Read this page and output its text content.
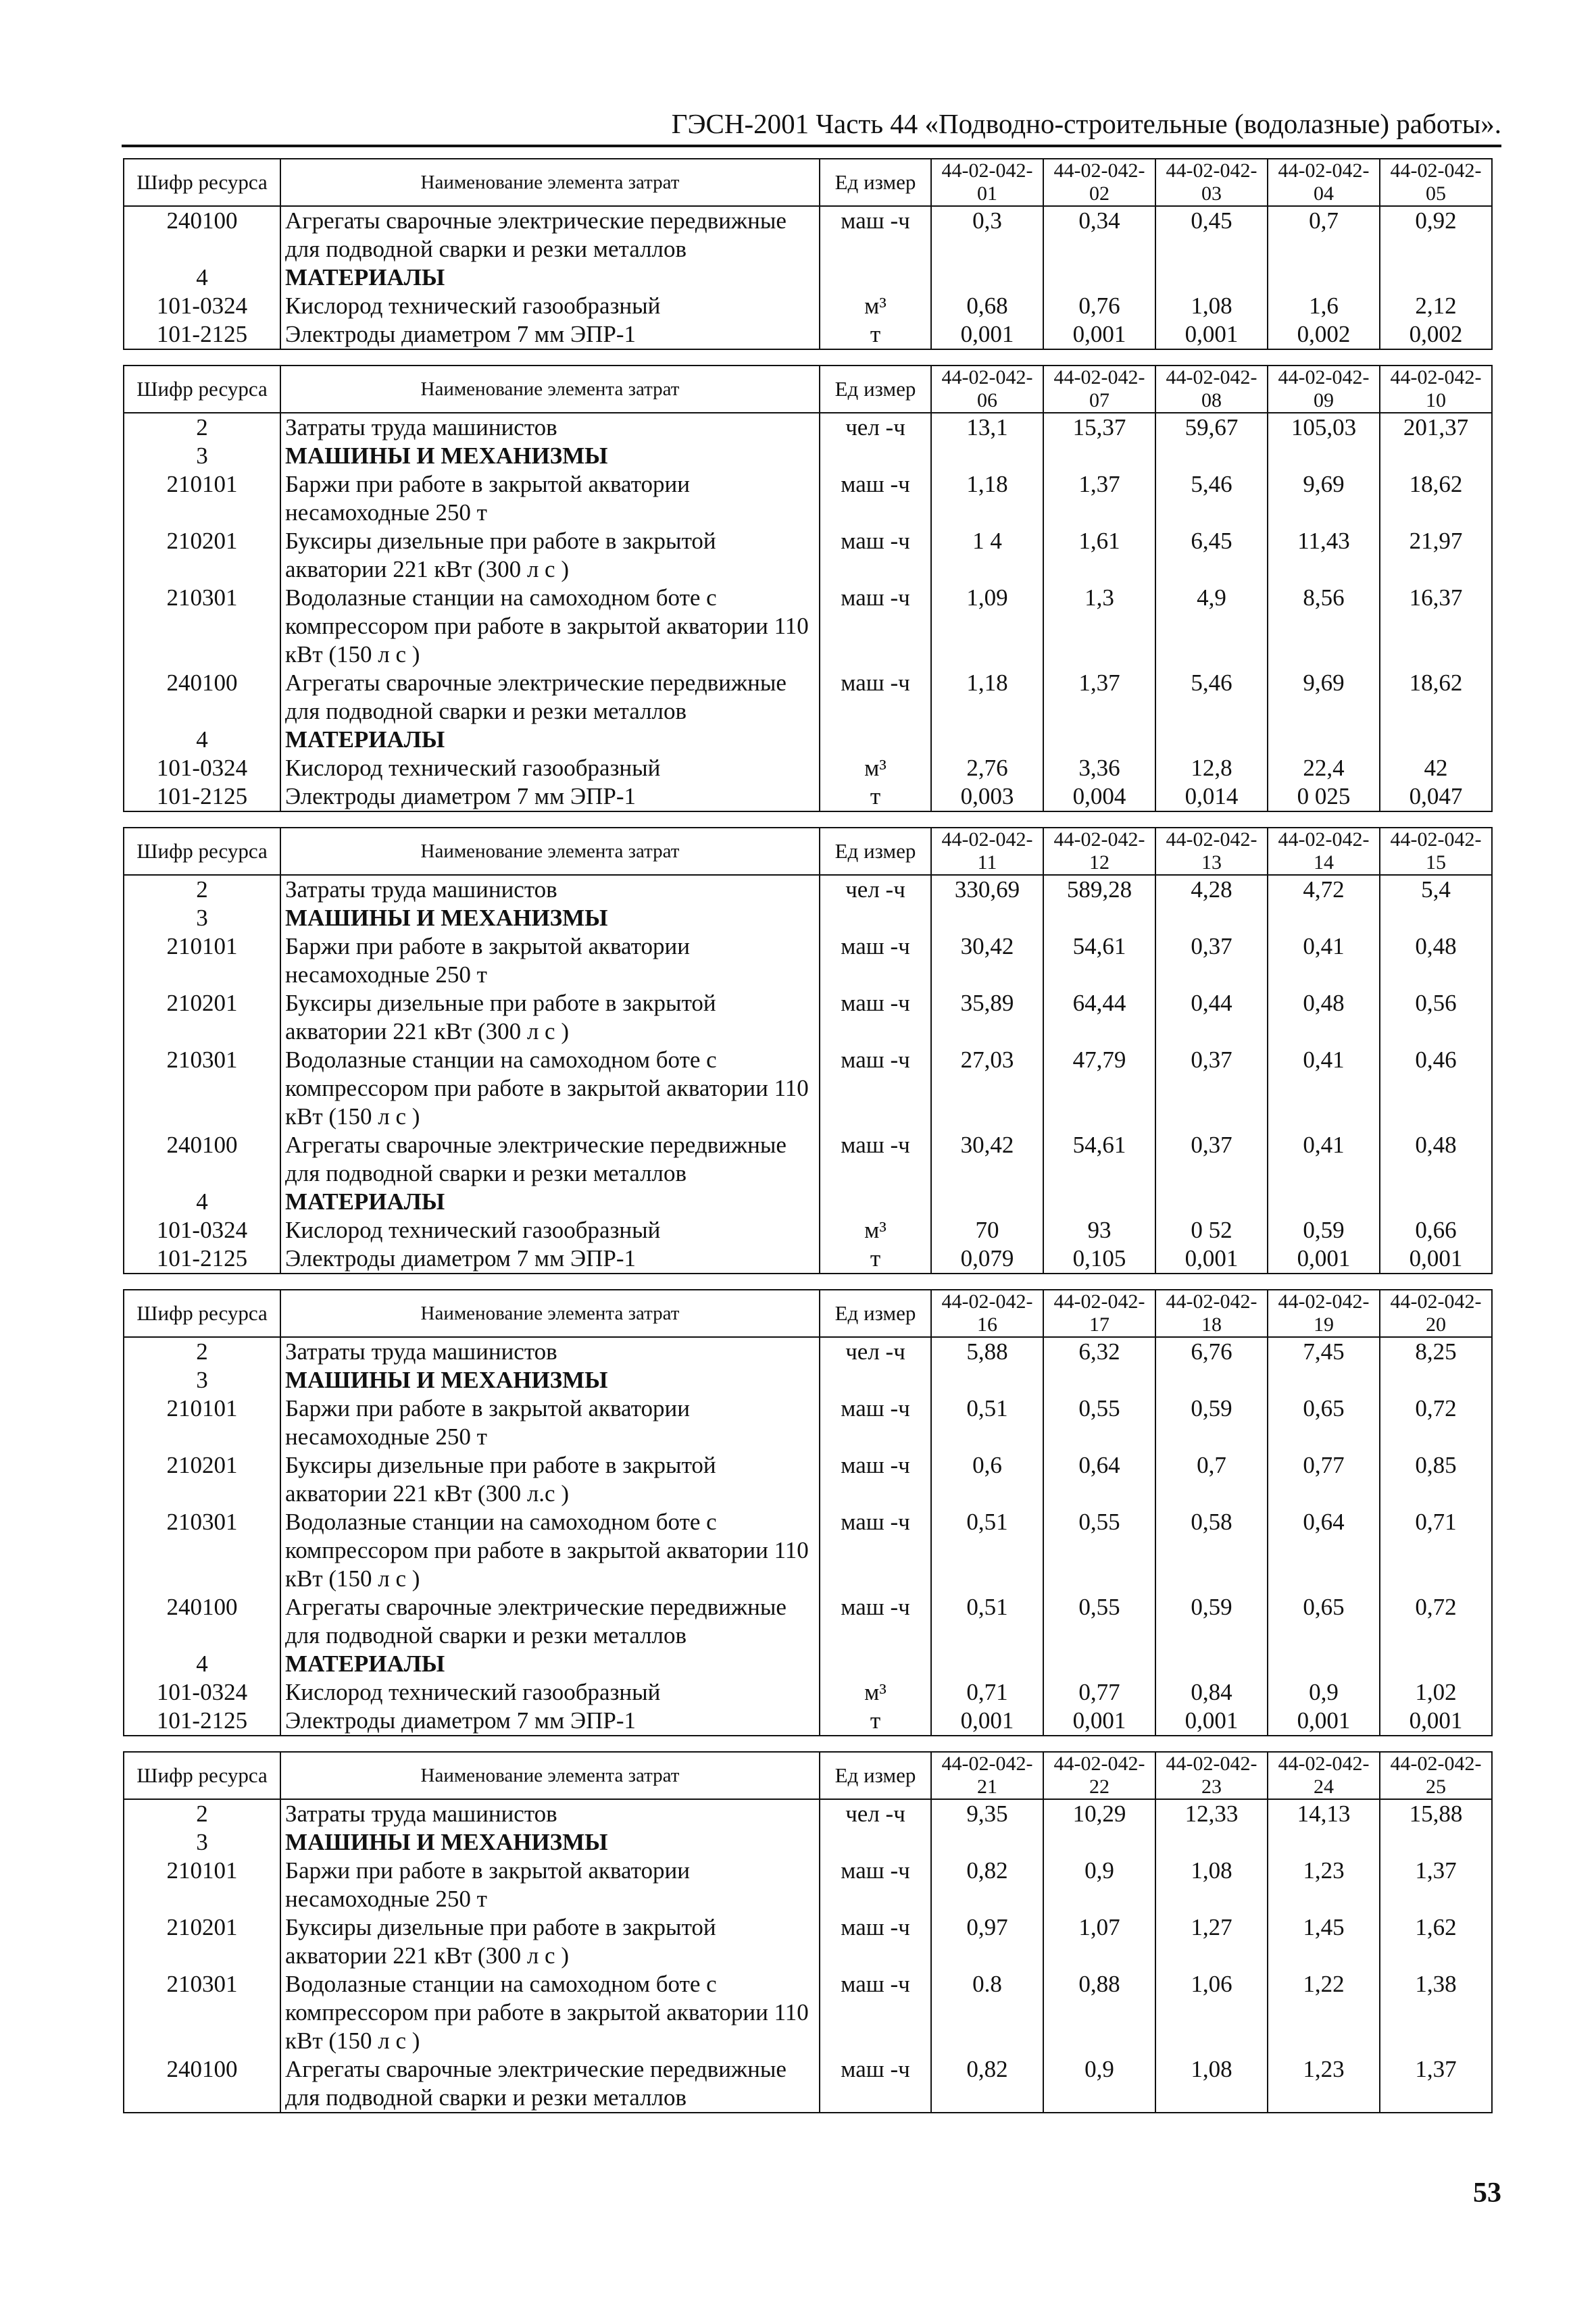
ГЭСН-2001 Часть 44 «Подводно-строительные (водолазные) работы».
Шифр ресурса	Наименование элемента затрат	Ед измер	44-02-042-01	44-02-042-02	44-02-042-03	44-02-042-04	44-02-042-05
240100	Агрегаты сварочные электрические передвижные для подводной сварки и резки металлов	маш -ч	0,3	0,34	0,45	0,7	0,92
4	МАТЕРИАЛЫ						
101-0324	Кислород технический газообразный	м³	0,68	0,76	1,08	1,6	2,12
101-2125	Электроды диаметром 7 мм ЭПР-1	т	0,001	0,001	0,001	0,002	0,002
Шифр ресурса	Наименование элемента затрат	Ед измер	44-02-042-06	44-02-042-07	44-02-042-08	44-02-042-09	44-02-042-10
2	Затраты труда машинистов	чел -ч	13,1	15,37	59,67	105,03	201,37
3	МАШИНЫ И МЕХАНИЗМЫ						
210101	Баржи при работе в закрытой акватории несамоходные 250 т	маш -ч	1,18	1,37	5,46	9,69	18,62
210201	Буксиры дизельные при работе в закрытой акватории 221 кВт (300 л с )	маш -ч	1 4	1,61	6,45	11,43	21,97
210301	Водолазные станции на самоходном боте с компрессором при работе в закрытой акватории 110 кВт (150 л с )	маш -ч	1,09	1,3	4,9	8,56	16,37
240100	Агрегаты сварочные электрические передвижные для подводной сварки и резки металлов	маш -ч	1,18	1,37	5,46	9,69	18,62
4	МАТЕРИАЛЫ						
101-0324	Кислород технический газообразный	м³	2,76	3,36	12,8	22,4	42
101-2125	Электроды диаметром 7 мм ЭПР-1	т	0,003	0,004	0,014	0 025	0,047
Шифр ресурса	Наименование элемента затрат	Ед измер	44-02-042-11	44-02-042-12	44-02-042-13	44-02-042-14	44-02-042-15
2	Затраты труда машинистов	чел -ч	330,69	589,28	4,28	4,72	5,4
3	МАШИНЫ И МЕХАНИЗМЫ						
210101	Баржи при работе в закрытой акватории несамоходные 250 т	маш -ч	30,42	54,61	0,37	0,41	0,48
210201	Буксиры дизельные при работе в закрытой акватории 221 кВт (300 л с )	маш -ч	35,89	64,44	0,44	0,48	0,56
210301	Водолазные станции на самоходном боте с компрессором при работе в закрытой акватории 110 кВт (150 л с )	маш -ч	27,03	47,79	0,37	0,41	0,46
240100	Агрегаты сварочные электрические передвижные для подводной сварки и резки металлов	маш -ч	30,42	54,61	0,37	0,41	0,48
4	МАТЕРИАЛЫ						
101-0324	Кислород технический газообразный	м³	70	93	0 52	0,59	0,66
101-2125	Электроды диаметром 7 мм ЭПР-1	т	0,079	0,105	0,001	0,001	0,001
Шифр ресурса	Наименование элемента затрат	Ед измер	44-02-042-16	44-02-042-17	44-02-042-18	44-02-042-19	44-02-042-20
2	Затраты труда машинистов	чел -ч	5,88	6,32	6,76	7,45	8,25
3	МАШИНЫ И МЕХАНИЗМЫ						
210101	Баржи при работе в закрытой акватории несамоходные 250 т	маш -ч	0,51	0,55	0,59	0,65	0,72
210201	Буксиры дизельные при работе в закрытой акватории 221 кВт (300 л.с )	маш -ч	0,6	0,64	0,7	0,77	0,85
210301	Водолазные станции на самоходном боте с компрессором при работе в закрытой акватории 110 кВт (150 л с )	маш -ч	0,51	0,55	0,58	0,64	0,71
240100	Агрегаты сварочные электрические передвижные для подводной сварки и резки металлов	маш -ч	0,51	0,55	0,59	0,65	0,72
4	МАТЕРИАЛЫ						
101-0324	Кислород технический газообразный	м³	0,71	0,77	0,84	0,9	1,02
101-2125	Электроды диаметром 7 мм ЭПР-1	т	0,001	0,001	0,001	0,001	0,001
Шифр ресурса	Наименование элемента затрат	Ед измер	44-02-042-21	44-02-042-22	44-02-042-23	44-02-042-24	44-02-042-25
2	Затраты труда машинистов	чел -ч	9,35	10,29	12,33	14,13	15,88
3	МАШИНЫ И МЕХАНИЗМЫ						
210101	Баржи при работе в закрытой акватории несамоходные 250 т	маш -ч	0,82	0,9	1,08	1,23	1,37
210201	Буксиры дизельные при работе в закрытой акватории 221 кВт (300 л с )	маш -ч	0,97	1,07	1,27	1,45	1,62
210301	Водолазные станции на самоходном боте с компрессором при работе в закрытой акватории 110 кВт (150 л с )	маш -ч	0.8	0,88	1,06	1,22	1,38
240100	Агрегаты сварочные электрические передвижные для подводной сварки и резки металлов	маш -ч	0,82	0,9	1,08	1,23	1,37
53
